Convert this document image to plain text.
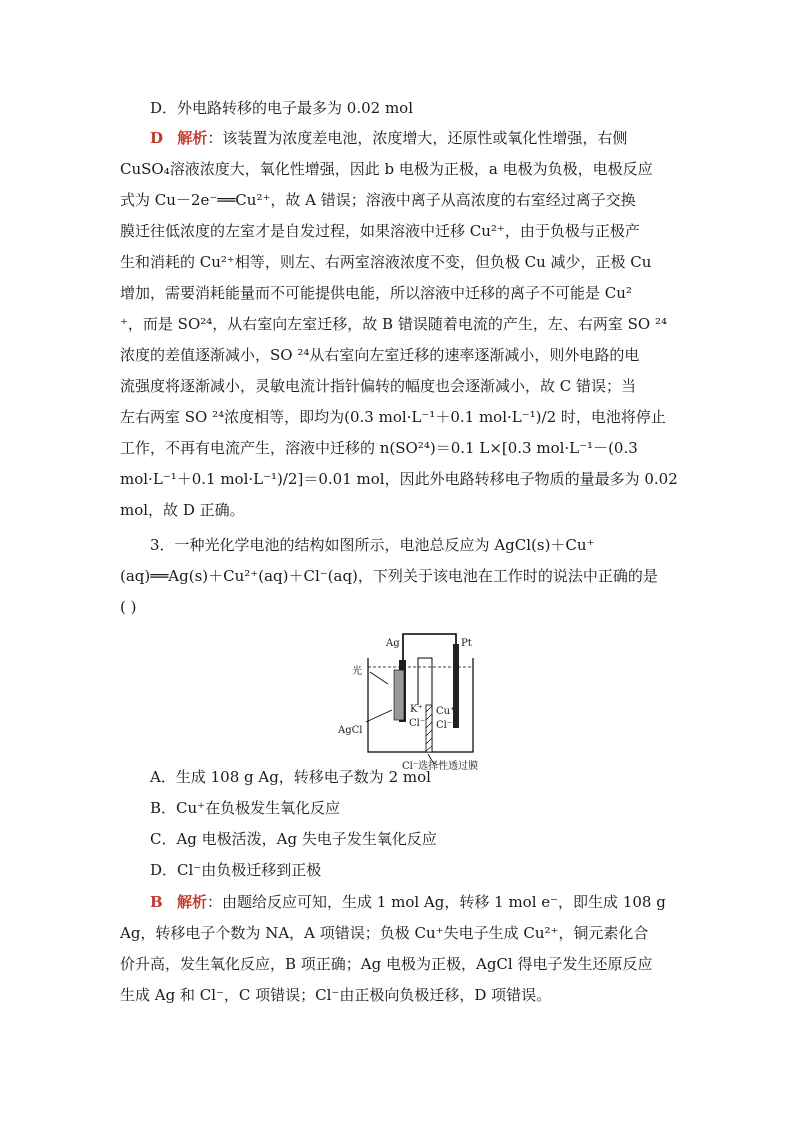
D．外电路转移的电子最多为 0.02 mol
D 解析：该装置为浓度差电池，浓度增大，还原性或氧化性增强，右侧
CuSO₄溶液浓度大，氧化性增强，因此 b 电极为正极，a 电极为负极，电极反应
式为 Cu－2e⁻══Cu²⁺，故 A 错误；溶液中离子从高浓度的右室经过离子交换
膜迁往低浓度的左室才是自发过程，如果溶液中迁移 Cu²⁺，由于负极与正极产
生和消耗的 Cu²⁺相等，则左、右两室溶液浓度不变，但负极 Cu 减少，正极 Cu
增加，需要消耗能量而不可能提供电能，所以溶液中迁移的离子不可能是 Cu²
⁺，而是 SO²⁴，从右室向左室迁移，故 B 错误随着电流的产生，左、右两室 SO ²⁴
浓度的差值逐渐减小，SO ²⁴从右室向左室迁移的速率逐渐减小，则外电路的电
流强度将逐渐减小，灵敏电流计指针偏转的幅度也会逐渐减小，故 C 错误；当
左右两室 SO ²⁴浓度相等，即均为(0.3 mol·L⁻¹＋0.1 mol·L⁻¹)/2 时，电池将停止
工作，不再有电流产生，溶液中迁移的 n(SO²⁴)＝0.1 L×[0.3 mol·L⁻¹－(0.3
mol·L⁻¹＋0.1 mol·L⁻¹)/2]＝0.01 mol，因此外电路转移电子物质的量最多为 0.02
mol，故 D 正确。
3．一种光化学电池的结构如图所示，电池总反应为 AgCl(s)＋Cu⁺
(aq)══Ag(s)＋Cu²⁺(aq)＋Cl⁻(aq)，下列关于该电池在工作时的说法中正确的是
( )
Ag	Pt
光
AgCl
K⁺
Cl⁻
Cu⁺
Cl⁻
Cl⁻选择性透过膜
A．生成 108 g Ag，转移电子数为 2 mol
B．Cu⁺在负极发生氧化反应
C．Ag 电极活泼，Ag 失电子发生氧化反应
D．Cl⁻由负极迁移到正极
B 解析：由题给反应可知，生成 1 mol Ag，转移 1 mol e⁻，即生成 108 g
Ag，转移电子个数为 NA，A 项错误；负极 Cu⁺失电子生成 Cu²⁺，铜元素化合
价升高，发生氧化反应，B 项正确；Ag 电极为正极，AgCl 得电子发生还原反应
生成 Ag 和 Cl⁻，C 项错误；Cl⁻由正极向负极迁移，D 项错误。
